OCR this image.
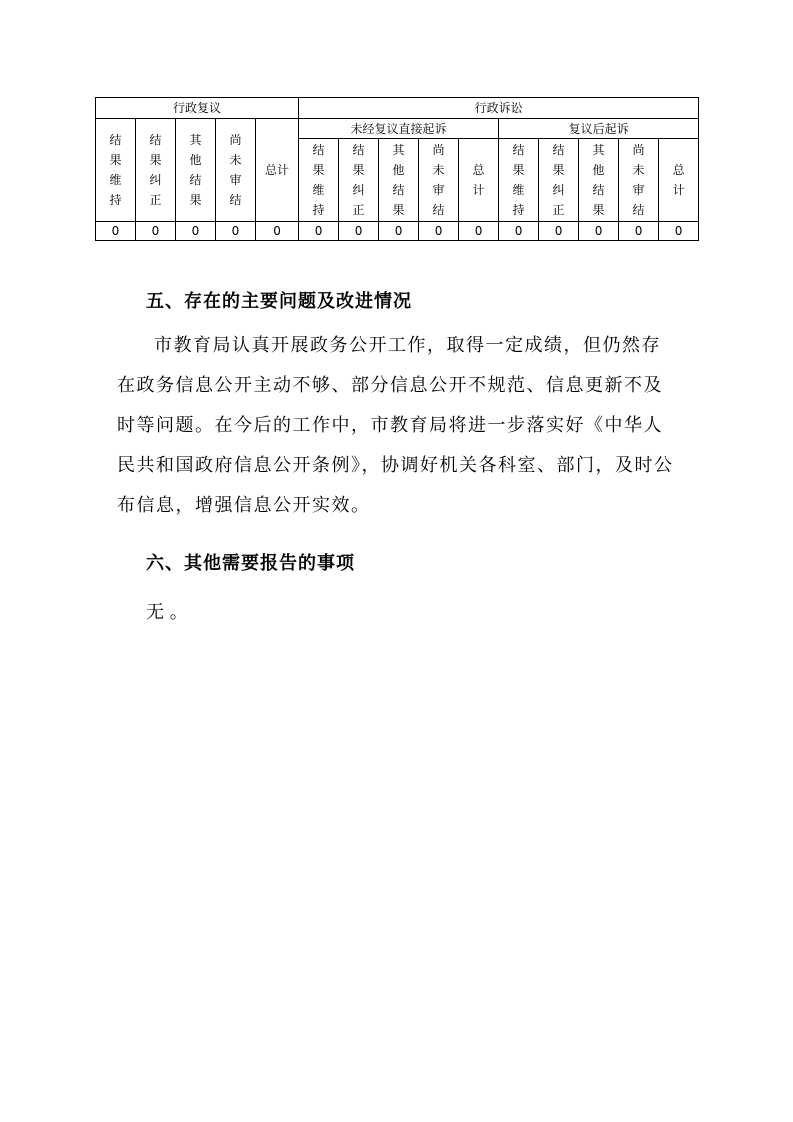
行政复议					行政诉讼									
结果维持	结果纠正	其他结果	尚未审结	总计	未经复议直接起诉					复议后起诉				
					结果维持	结果纠正	其他结果	尚未审结	总计	结果维持	结果纠正	其他结果	尚未审结	总计
0	0	0	0	0	0	0	0	0	0	0	0	0	0	0
五、存在的主要问题及改进情况

市教育局认真开展政务公开工作，取得一定成绩，但仍然存在政务信息公开主动不够、部分信息公开不规范、信息更新不及时等问题。在今后的工作中，市教育局将进一步落实好《中华人民共和国政府信息公开条例》，协调好机关各科室、部门，及时公布信息，增强信息公开实效。

六、其他需要报告的事项
无 。
